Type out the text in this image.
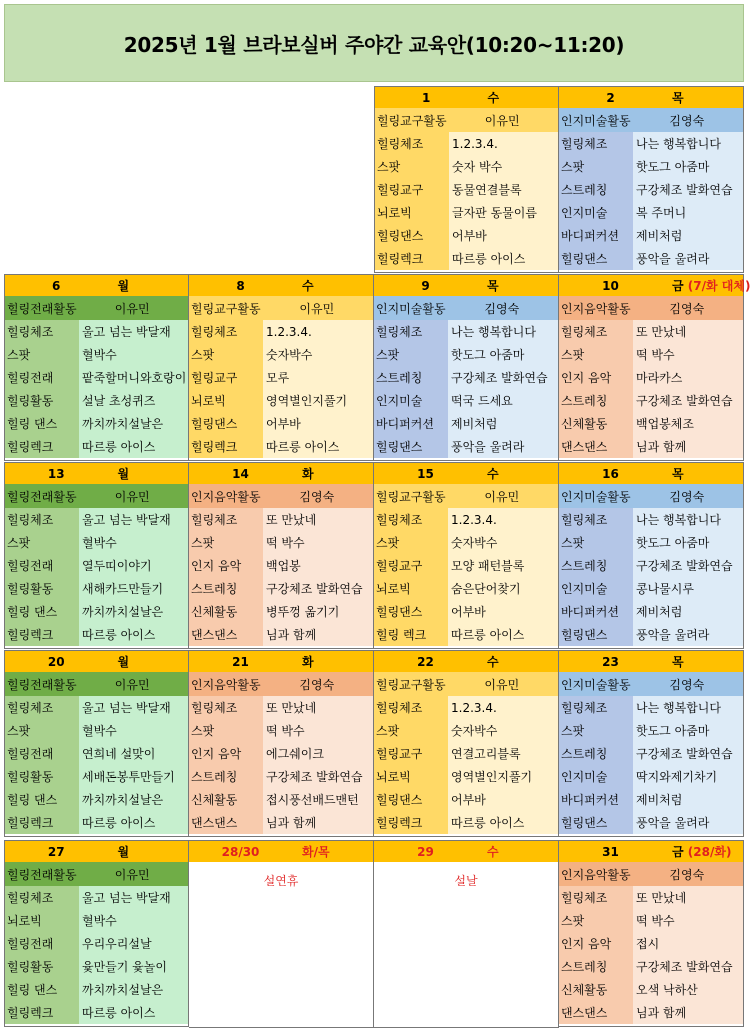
2025년 1월 브라보실버 주야간 교육안(10:20~11:20)
1	수
힐링교구활동	이유민
힐링체조	1.2.3.4.
스팟	숫자 박수
힐링교구	동물연결블록
뇌로빅	글자판 동물이름
힐링댄스	어부바
힐링렉크	따르릉 아이스
2	목
인지미술활동	김영숙
힐링체조	나는 행복합니다
스팟	핫도그 아줌마
스트레칭	구강체조 발화연습
인지미술	복 주머니
바디퍼커션	제비처럼
힐링댄스	풍악을 울려라
6	월
힐링전래활동	이유민
힐링체조	울고 넘는 박달재
스팟	혈박수
힐링전래	팥죽할머니와호랑이
힐링활동	설날 초성퀴즈
힐링 댄스	까치까치설날은
힐링렉크	따르릉 아이스
8	수
힐링교구활동	이유민
힐링체조	1.2.3.4.
스팟	숫자박수
힐링교구	모루
뇌로빅	영역별인지풀기
힐링댄스	어부바
힐링렉크	따르릉 아이스
9	목
인지미술활동	김영숙
힐링체조	나는 행복합니다
스팟	핫도그 아줌마
스트레칭	구강체조 발화연습
인지미술	떡국 드세요
바디퍼커션	제비처럼
힐링댄스	풍악을 울려라
10	금 (7/화 대체)
인지음악활동	김영숙
힐링체조	또 만났네
스팟	떡 박수
인지 음악	마라카스
스트레칭	구강체조 발화연습
신체활동	백업봉체조
댄스댄스	님과 함께
13	월
힐링전래활동	이유민
힐링체조	울고 넘는 박달재
스팟	혈박수
힐링전래	열두띠이야기
힐링활동	새해카드만들기
힐링 댄스	까치까치설날은
힐링렉크	따르릉 아이스
14	화
인지음악활동	김영숙
힐링체조	또 만났네
스팟	떡 박수
인지 음악	백업봉
스트레칭	구강체조 발화연습
신체활동	병뚜껑 옮기기
댄스댄스	님과 함께
15	수
힐링교구활동	이유민
힐링체조	1.2.3.4.
스팟	숫자박수
힐링교구	모양 패턴블록
뇌로빅	숨은단어찾기
힐링댄스	어부바
힐링 렉크	따르릉 아이스
16	목
인지미술활동	김영숙
힐링체조	나는 행복합니다
스팟	핫도그 아줌마
스트레칭	구강체조 발화연습
인지미술	콩나물시루
바디퍼커션	제비처럼
힐링댄스	풍악을 울려라
20	월
힐링전래활동	이유민
힐링체조	울고 넘는 박달재
스팟	혈박수
힐링전래	연희네 설맞이
힐링활동	세배돈봉투만들기
힐링 댄스	까치까치설날은
힐링렉크	따르릉 아이스
21	화
인지음악활동	김영숙
힐링체조	또 만났네
스팟	떡 박수
인지 음악	에그쉐이크
스트레칭	구강체조 발화연습
신체활동	접시풍선배드맨턴
댄스댄스	님과 함께
22	수
힐링교구활동	이유민
힐링체조	1.2.3.4.
스팟	숫자박수
힐링교구	연결고리블록
뇌로빅	영역별인지풀기
힐링댄스	어부바
힐링렉크	따르릉 아이스
23	목
인지미술활동	김영숙
힐링체조	나는 행복합니다
스팟	핫도그 아줌마
스트레칭	구강체조 발화연습
인지미술	딱지와제기차기
바디퍼커션	제비처럼
힐링댄스	풍악을 울려라
27	월
힐링전래활동	이유민
힐링체조	울고 넘는 박달재
뇌로빅	혈박수
힐링전래	우리우리설날
힐링활동	윷만들기 윷놀이
힐링 댄스	까치까치설날은
힐링렉크	따르릉 아이스
28/30	화/목
설연휴
29	수
설날
31	금 (28/화)
인지음악활동	김영숙
힐링체조	또 만났네
스팟	떡 박수
인지 음악	접시
스트레칭	구강체조 발화연습
신체활동	오색 낙하산
댄스댄스	님과 함께
